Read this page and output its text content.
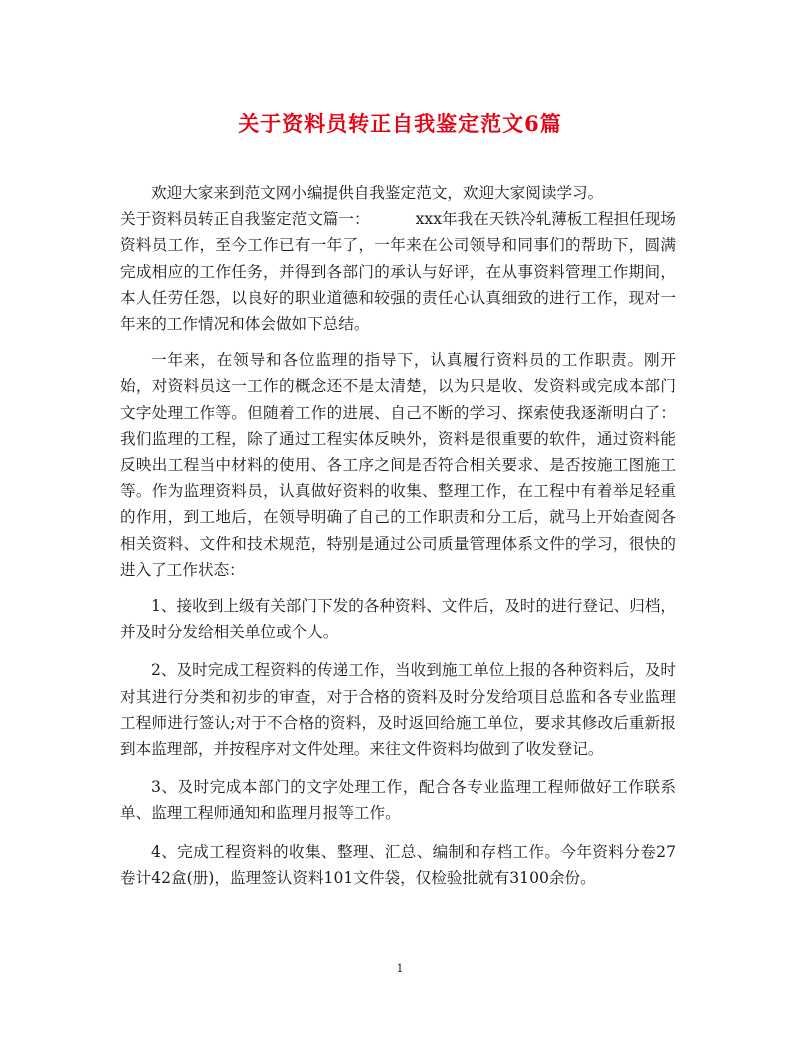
关于资料员转正自我鉴定范文6篇

欢迎大家来到范文网小编提供自我鉴定范文，欢迎大家阅读学习。

关于资料员转正自我鉴定范文篇一：	xxx年我在天铁冷轧薄板工程担任现场资料员工作，至今工作已有一年了，一年来在公司领导和同事们的帮助下，圆满完成相应的工作任务，并得到各部门的承认与好评，在从事资料管理工作期间，本人任劳任怨，以良好的职业道德和较强的责任心认真细致的进行工作，现对一年来的工作情况和体会做如下总结。

一年来，在领导和各位监理的指导下，认真履行资料员的工作职责。刚开始，对资料员这一工作的概念还不是太清楚，以为只是收、发资料或完成本部门文字处理工作等。但随着工作的进展、自己不断的学习、探索使我逐渐明白了：我们监理的工程，除了通过工程实体反映外，资料是很重要的软件，通过资料能反映出工程当中材料的使用、各工序之间是否符合相关要求、是否按施工图施工等。作为监理资料员，认真做好资料的收集、整理工作，在工程中有着举足轻重的作用，到工地后，在领导明确了自己的工作职责和分工后，就马上开始查阅各相关资料、文件和技术规范，特别是通过公司质量管理体系文件的学习，很快的进入了工作状态：

1、接收到上级有关部门下发的各种资料、文件后，及时的进行登记、归档，并及时分发给相关单位或个人。

2、及时完成工程资料的传递工作，当收到施工单位上报的各种资料后，及时对其进行分类和初步的审查，对于合格的资料及时分发给项目总监和各专业监理工程师进行签认;对于不合格的资料，及时返回给施工单位，要求其修改后重新报到本监理部，并按程序对文件处理。来往文件资料均做到了收发登记。

3、及时完成本部门的文字处理工作，配合各专业监理工程师做好工作联系单、监理工程师通知和监理月报等工作。

4、完成工程资料的收集、整理、汇总、编制和存档工作。今年资料分卷27卷计42盒(册)，监理签认资料101文件袋，仅检验批就有3100余份。

1
